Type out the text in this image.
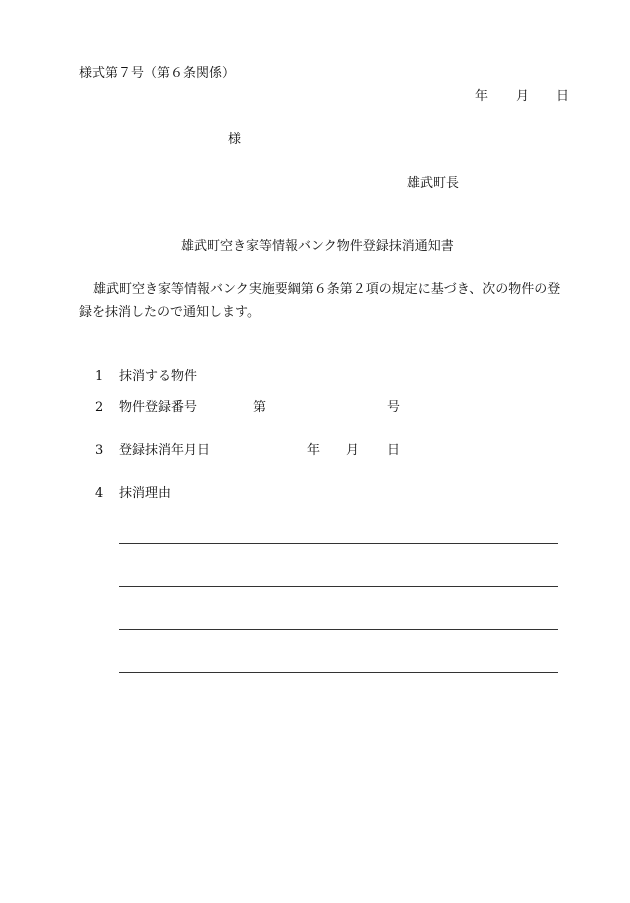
様式第７号（第６条関係）
年 月 日
様
雄武町長
雄武町空き家等情報バンク物件登録抹消通知書
雄武町空き家等情報バンク実施要綱第６条第２項の規定に基づき、次の物件の登
録を抹消したので通知します。
1 抹消する物件
2 物件登録番号	第	号
3 登録抹消年月日	年 月 日
4 抹消理由
